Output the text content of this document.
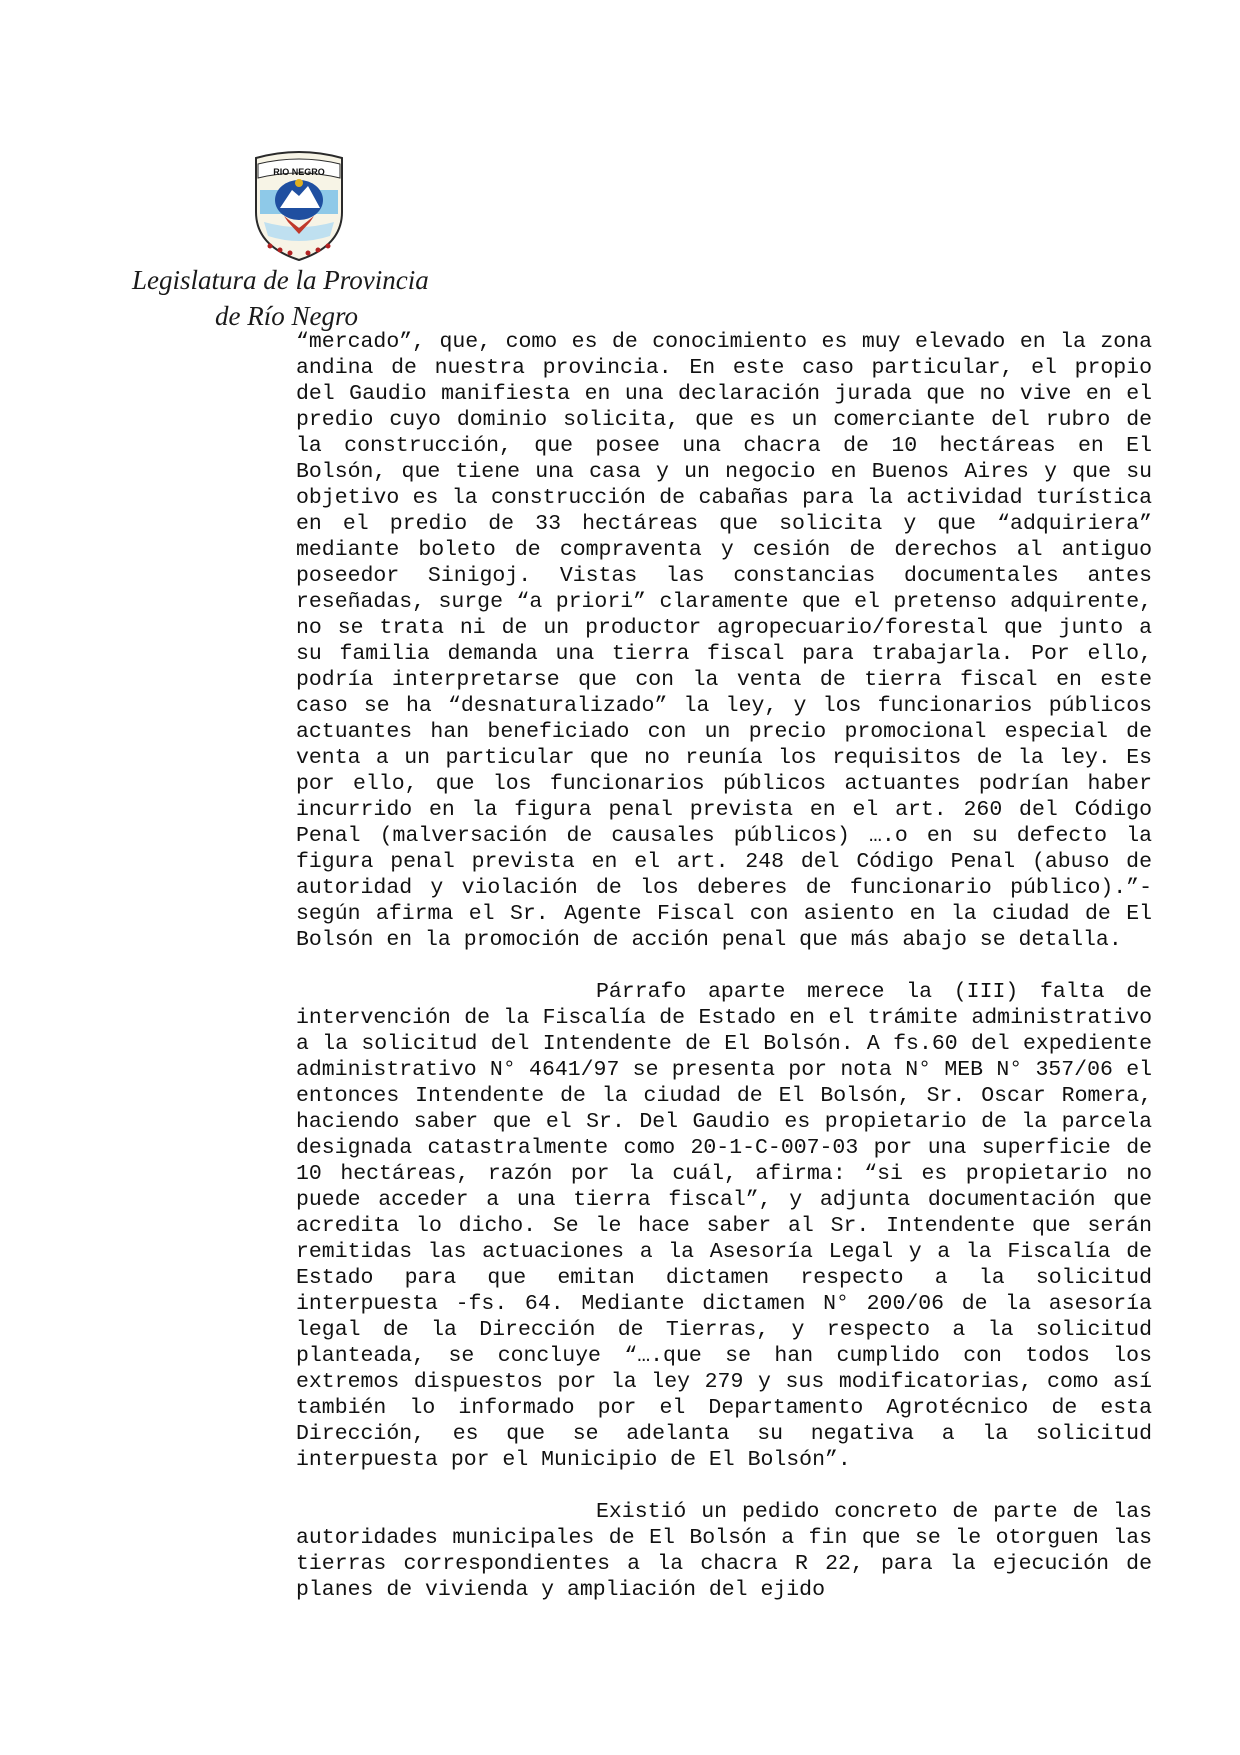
RIO NEGRO
Legislatura de la Provincia
de Río Negro

“mercado”, que, como es de conocimiento es muy elevado en la zona andina de nuestra provincia. En este caso particular, el propio del Gaudio manifiesta en una declaración jurada que no vive en el predio cuyo dominio solicita, que es un comerciante del rubro de la construcción, que posee una chacra de 10 hectáreas en El Bolsón, que tiene una casa y un negocio en Buenos Aires y que su objetivo es la construcción de cabañas para la actividad turística en el predio de 33 hectáreas que solicita y que “adquiriera” mediante boleto de compraventa y cesión de derechos al antiguo poseedor Sinigoj. Vistas las constancias documentales antes reseñadas, surge “a priori” claramente que el pretenso adquirente, no se trata ni de un productor agropecuario/forestal que junto a su familia demanda una tierra fiscal para trabajarla. Por ello, podría interpretarse que con la venta de tierra fiscal en este caso se ha “desnaturalizado” la ley, y los funcionarios públicos actuantes han beneficiado con un precio promocional especial de venta a un particular que no reunía los requisitos de la ley. Es por ello, que los funcionarios públicos actuantes podrían haber incurrido en la figura penal prevista en el art. 260 del Código Penal (malversación de causales públicos) ….o en su defecto la figura penal prevista en el art. 248 del Código Penal (abuso de autoridad y violación de los deberes de funcionario público).”- según afirma el Sr. Agente Fiscal con asiento en la ciudad de El Bolsón en la promoción de acción penal que más abajo se detalla.

Párrafo aparte merece la (III) falta de intervención de la Fiscalía de Estado en el trámite administrativo a la solicitud del Intendente de El Bolsón. A fs.60 del expediente administrativo N° 4641/97 se presenta por nota N° MEB N° 357/06 el entonces Intendente de la ciudad de El Bolsón, Sr. Oscar Romera, haciendo saber que el Sr. Del Gaudio es propietario de la parcela designada catastralmente como 20-1-C-007-03 por una superficie de 10 hectáreas, razón por la cuál, afirma: “si es propietario no puede acceder a una tierra fiscal”, y adjunta documentación que acredita lo dicho. Se le hace saber al Sr. Intendente que serán remitidas las actuaciones a la Asesoría Legal y a la Fiscalía de Estado para que emitan dictamen respecto a la solicitud interpuesta -fs. 64. Mediante dictamen N° 200/06 de la asesoría legal de la Dirección de Tierras, y respecto a la solicitud planteada, se concluye “….que se han cumplido con todos los extremos dispuestos por la ley 279 y sus modificatorias, como así también lo informado por el Departamento Agrotécnico de esta Dirección, es que se adelanta su negativa a la solicitud interpuesta por el Municipio de El Bolsón”.

Existió un pedido concreto de parte de las autoridades municipales de El Bolsón a fin que se le otorguen las tierras correspondientes a la chacra R 22, para la ejecución de planes de vivienda y ampliación del ejido
